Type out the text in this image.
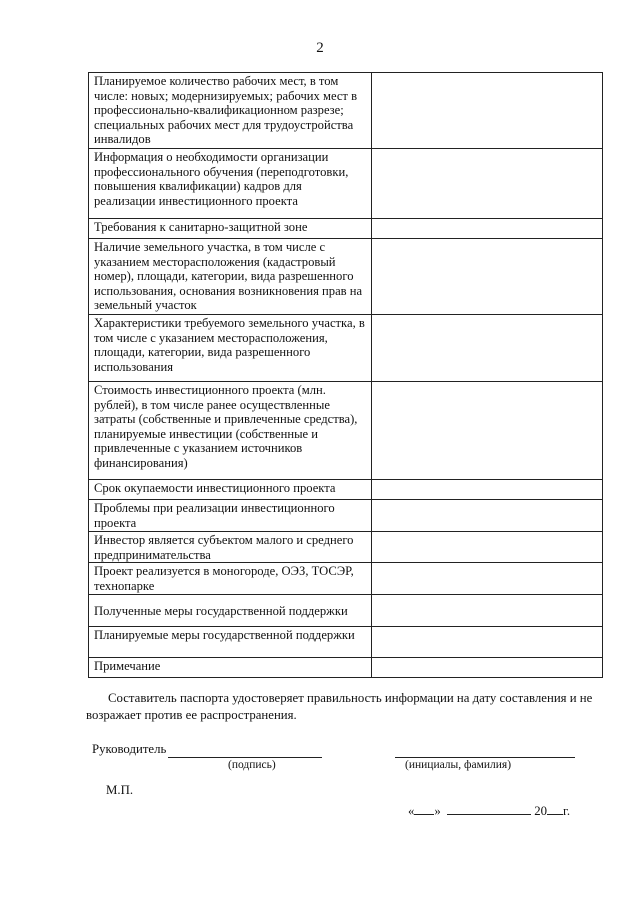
2
Планируемое количество рабочих мест, в том числе: новых; модернизируемых; рабочих мест в профессионально-квалификационном разрезе; специальных рабочих мест для трудоустройства инвалидов	
Информация о необходимости организации профессионального обучения (переподготовки, повышения квалификации) кадров для реализации инвестиционного проекта	
Требования к санитарно-защитной зоне	
Наличие земельного участка, в том числе с указанием месторасположения (кадастровый номер), площади, категории, вида разрешенного использования, основания возникновения прав на земельный участок	
Характеристики требуемого земельного участка, в том числе с указанием месторасположения, площади, категории, вида разрешенного использования	
Стоимость инвестиционного проекта (млн. рублей), в том числе ранее осуществленные затраты (собственные и привлеченные средства), планируемые инвестиции (собственные и привлеченные с указанием источников финансирования)	
Срок окупаемости инвестиционного проекта	
Проблемы при реализации инвестиционного проекта	
Инвестор является субъектом малого и среднего предпринимательства	
Проект реализуется в моногороде, ОЭЗ, ТОСЭР, технопарке	
Полученные меры государственной поддержки	
Планируемые меры государственной поддержки	
Примечание	
Составитель паспорта удостоверяет правильность информации на дату составления и не возражает против ее распространения.
Руководитель
(подпись)	(инициалы, фамилия)
М.П.
« »	20 г.
